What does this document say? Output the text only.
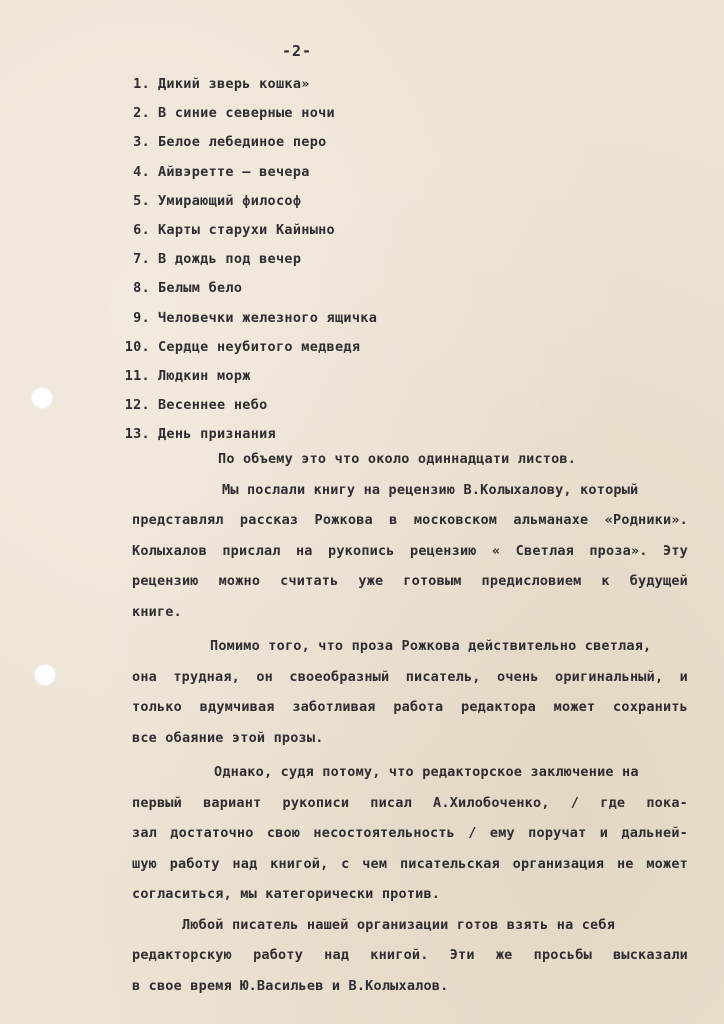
-2-
1. Дикий зверь кошка»
2. В синие северные ночи
3. Белое лебединое перо
4. Айвэретте – вечера
5. Умирающий философ
6. Карты старухи Кайныно
7. В дождь под вечер
8. Белым бело
9. Человечки железного ящичка
10. Сердце неубитого медведя
11. Людкин морж
12. Весеннее небо
13. День признания
По объему это что около одиннадцати листов.
Мы послали книгу на рецензию В.Колыхалову, который
представлял рассказ Рожкова в московском альманахе «Родники».
Колыхалов прислал на рукопись рецензию « Светлая проза». Эту
рецензию можно считать уже готовым предисловием к будущей
книге.
Помимо того, что проза Рожкова действительно светлая,
она трудная, он своеобразный писатель, очень оригинальный, и
только вдумчивая заботливая работа редактора может сохранить
все обаяние этой прозы.
Однако, судя потому, что редакторское заключение на
первый вариант рукописи писал А.Хилобоченко, / где пока-
зал достаточно свою несостоятельность / ему поручат и дальней-
шую работу над книгой, с чем писательская организация не может
согласиться, мы категорически против.
Любой писатель нашей организации готов взять на себя
редакторскую работу над книгой. Эти же просьбы высказали
в свое время Ю.Васильев и В.Колыхалов.
